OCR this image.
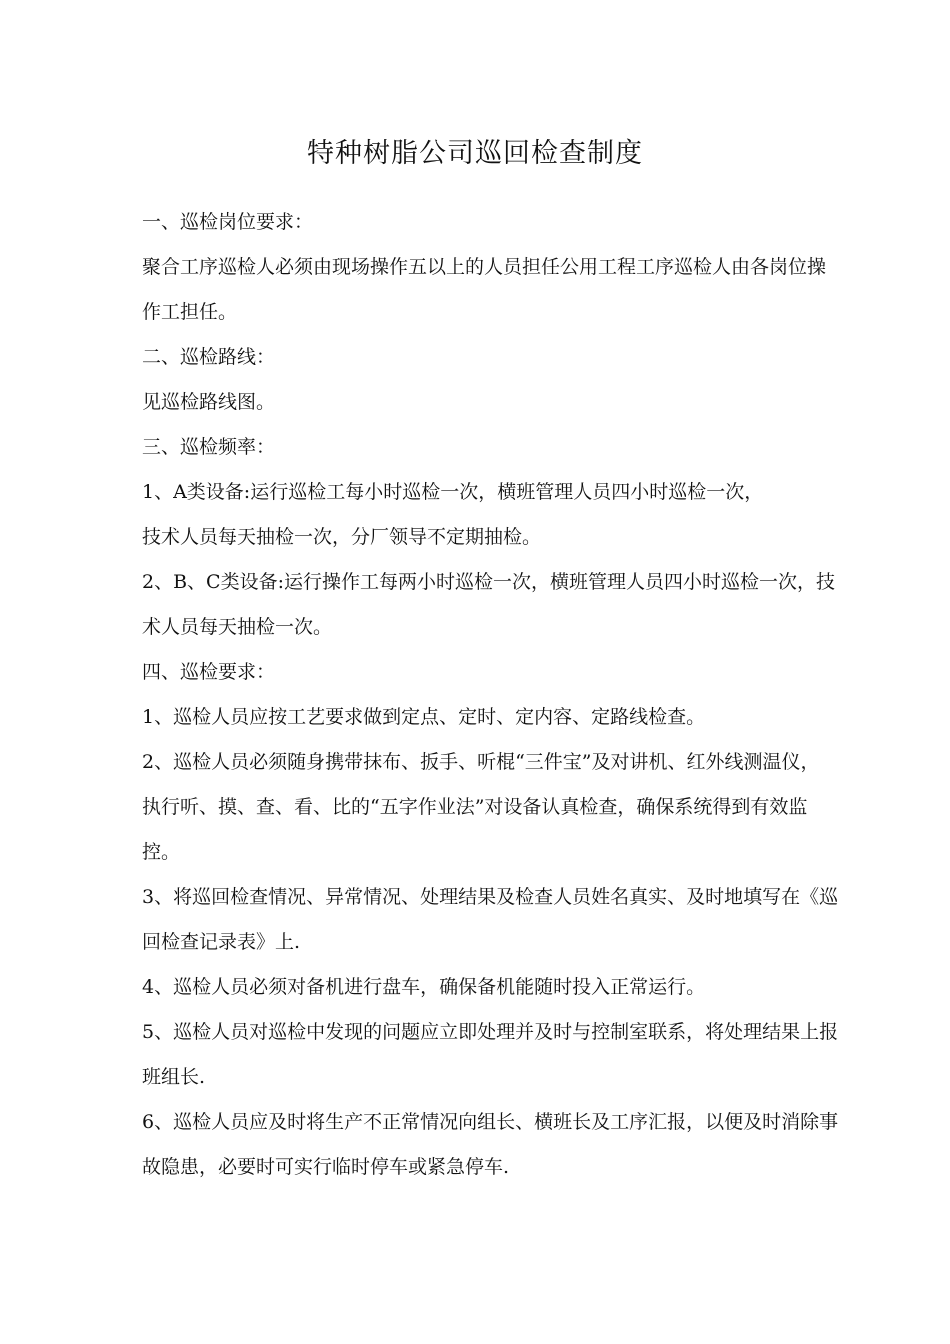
特种树脂公司巡回检查制度
一、巡检岗位要求：
聚合工序巡检人必须由现场操作五以上的人员担任公用工程工序巡检人由各岗位操
作工担任。
二、巡检路线：
见巡检路线图。
三、巡检频率：
1、A类设备:运行巡检工每小时巡检一次，横班管理人员四小时巡检一次，
技术人员每天抽检一次，分厂领导不定期抽检。
2、B、C类设备:运行操作工每两小时巡检一次，横班管理人员四小时巡检一次，技
术人员每天抽检一次。
四、巡检要求：
1、巡检人员应按工艺要求做到定点、定时、定内容、定路线检查。
2、巡检人员必须随身携带抹布、扳手、听棍“三件宝”及对讲机、红外线测温仪，
执行听、摸、查、看、比的“五字作业法”对设备认真检查，确保系统得到有效监
控。
3、将巡回检查情况、异常情况、处理结果及检查人员姓名真实、及时地填写在《巡
回检查记录表》上.
4、巡检人员必须对备机进行盘车，确保备机能随时投入正常运行。
5、巡检人员对巡检中发现的问题应立即处理并及时与控制室联系，将处理结果上报
班组长.
6、巡检人员应及时将生产不正常情况向组长、横班长及工序汇报，以便及时消除事
故隐患，必要时可实行临时停车或紧急停车.
